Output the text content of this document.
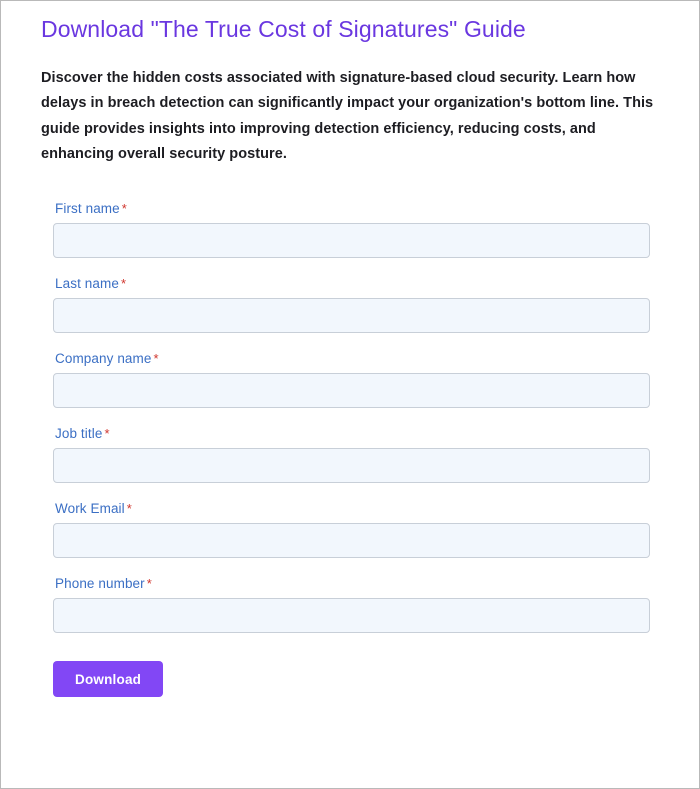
Download "The True Cost of Signatures" Guide

Discover the hidden costs associated with signature-based cloud security. Learn how delays in breach detection can significantly impact your organization's bottom line. This guide provides insights into improving detection efficiency, reducing costs, and enhancing overall security posture.

First name *
Last name *
Company name *
Job title *
Work Email *
Phone number *
Download
